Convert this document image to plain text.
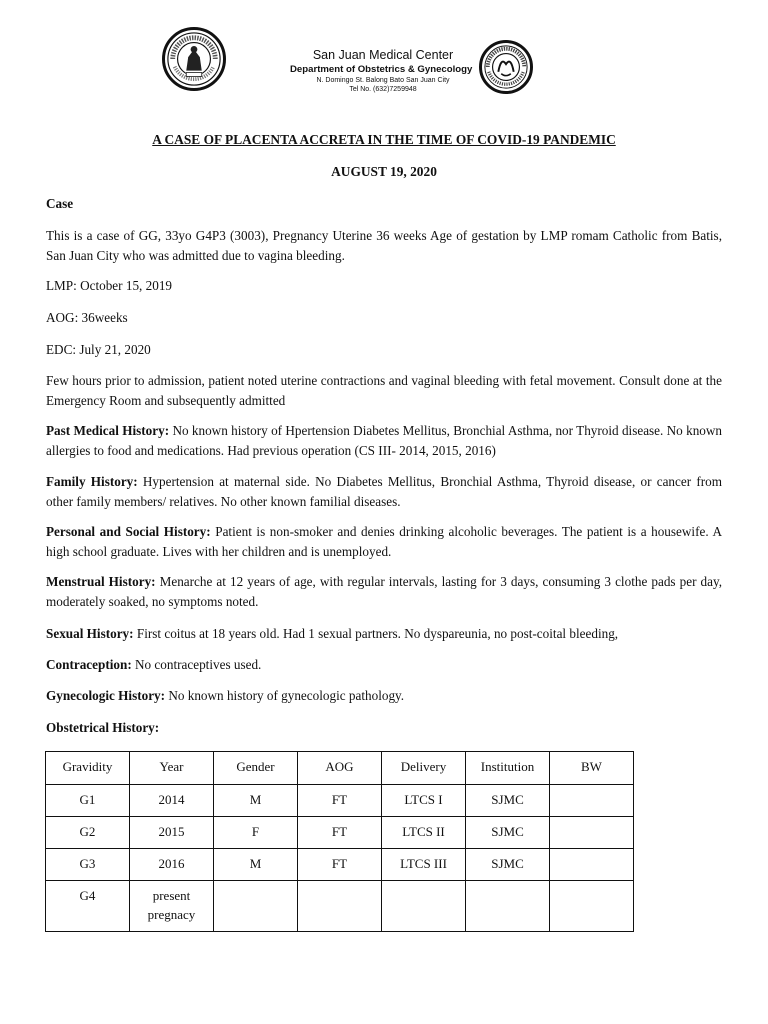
San Juan Medical Center
Department of Obstetrics & Gynecology
N. Domingo St. Balong Bato San Juan City
Tel No. (632)7259948
A CASE OF PLACENTA ACCRETA IN THE TIME OF COVID-19 PANDEMIC
AUGUST 19, 2020

Case

This is a case of GG, 33yo G4P3 (3003), Pregnancy Uterine 36 weeks Age of gestation by LMP romam Catholic from Batis, San Juan City who was admitted due to vagina bleeding.

LMP: October 15, 2019

AOG: 36weeks

EDC: July 21, 2020

Few hours prior to admission, patient noted uterine contractions and vaginal bleeding with fetal movement. Consult done at the Emergency Room and subsequently admitted

Past Medical History: No known history of Hpertension Diabetes Mellitus, Bronchial Asthma, nor Thyroid disease. No known allergies to food and medications. Had previous operation (CS III- 2014, 2015, 2016)

Family History: Hypertension at maternal side. No Diabetes Mellitus, Bronchial Asthma, Thyroid disease, or cancer from other family members/ relatives. No other known familial diseases.

Personal and Social History: Patient is non-smoker and denies drinking alcoholic beverages. The patient is a housewife. A high school graduate. Lives with her children and is unemployed.

Menstrual History: Menarche at 12 years of age, with regular intervals, lasting for 3 days, consuming 3 clothe pads per day, moderately soaked, no symptoms noted.

Sexual History: First coitus at 18 years old. Had 1 sexual partners. No dyspareunia, no post-coital bleeding,

Contraception: No contraceptives used.

Gynecologic History: No known history of gynecologic pathology.

Obstetrical History:

Gravidity	Year	Gender	AOG	Delivery	Institution	BW
G1	2014	M	FT	LTCS I	SJMC	
G2	2015	F	FT	LTCS II	SJMC	
G3	2016	M	FT	LTCS III	SJMC	
G4	present pregnacy					
